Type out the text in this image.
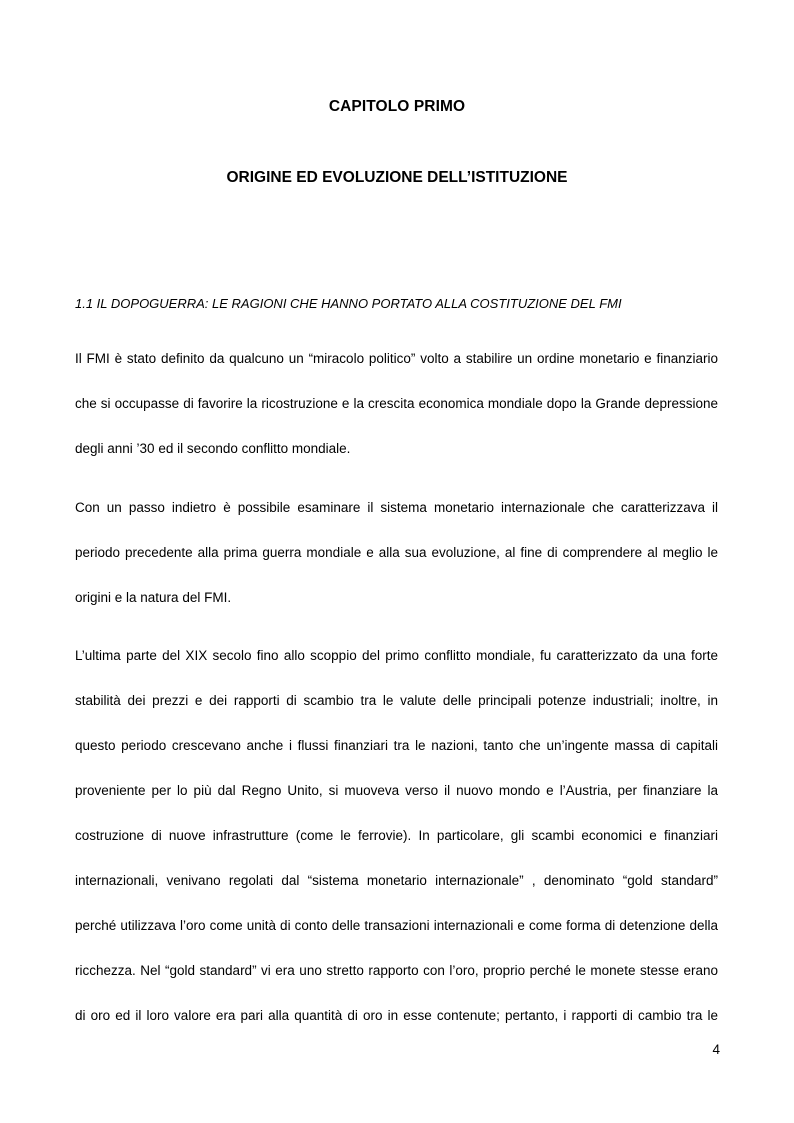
CAPITOLO PRIMO
ORIGINE ED EVOLUZIONE DELL’ISTITUZIONE
1.1 IL DOPOGUERRA: LE RAGIONI CHE HANNO PORTATO ALLA COSTITUZIONE DEL FMI
Il FMI è stato definito da qualcuno un “miracolo politico” volto a stabilire un ordine monetario e finanziario
che si occupasse di favorire la ricostruzione e la crescita economica mondiale dopo la Grande depressione
degli anni ’30 ed il secondo conflitto mondiale.
Con un passo indietro è possibile esaminare il sistema monetario internazionale che caratterizzava il
periodo precedente alla prima guerra mondiale e alla sua evoluzione, al fine di comprendere al meglio le
origini e la natura del FMI.
L’ultima parte del XIX secolo fino allo scoppio del primo conflitto mondiale, fu caratterizzato da una forte
stabilità dei prezzi e dei rapporti di scambio tra le valute delle principali potenze industriali; inoltre, in
questo periodo crescevano anche i flussi finanziari tra le nazioni, tanto che un’ingente massa di capitali
proveniente per lo più dal Regno Unito, si muoveva verso il nuovo mondo e l’Austria, per finanziare la
costruzione di nuove infrastrutture (come le ferrovie). In particolare, gli scambi economici e finanziari
internazionali, venivano regolati dal “sistema monetario internazionale” , denominato “gold standard”
perché utilizzava l’oro come unità di conto delle transazioni internazionali e come forma di detenzione della
ricchezza. Nel “gold standard” vi era uno stretto rapporto con l’oro, proprio perché le monete stesse erano
di oro ed il loro valore era pari alla quantità di oro in esse contenute; pertanto, i rapporti di cambio tra le
4
